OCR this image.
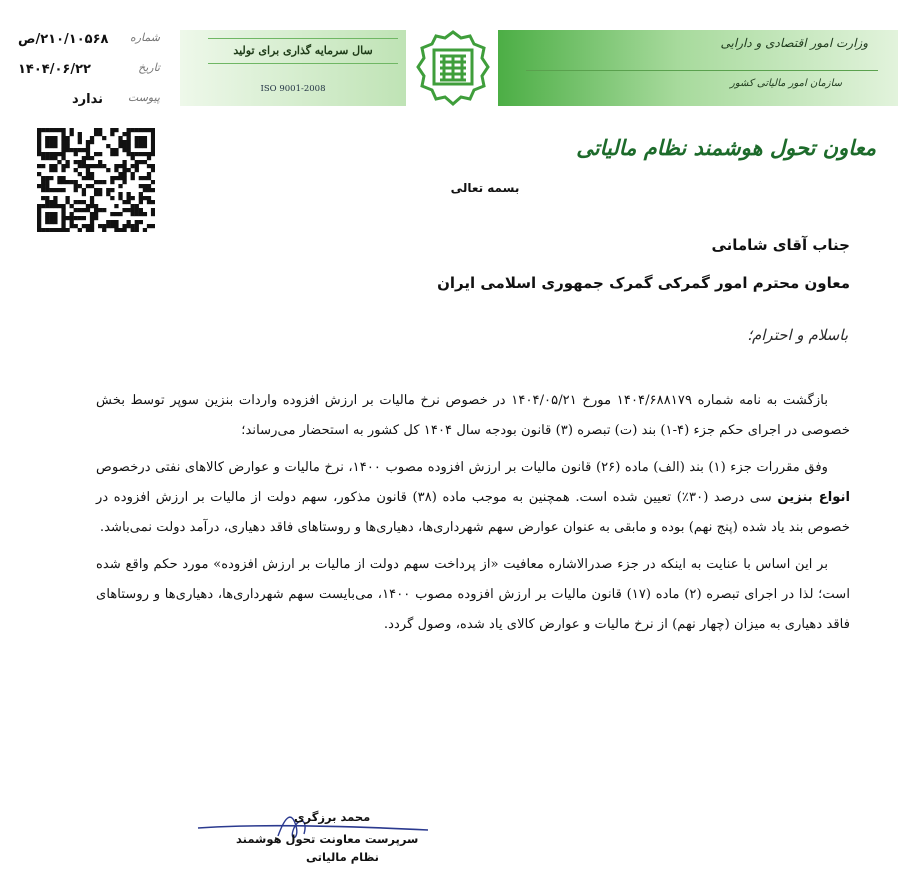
سال سرمایه گذاری برای تولید
ISO 9001-2008
وزارت امور اقتصادی و دارایی
سازمان امور مالیاتی کشور
۲۱۰/۱۰۵۶۸/ص شماره
۱۴۰۴/۰۶/۲۲	تاریخ
ندارد پیوست
معاون تحول هوشمند نظام مالیاتی
بسمه تعالی
جناب آقای شامانی
معاون محترم امور گمرکی گمرک جمهوری اسلامی ایران
باسلام و احترام؛

بازگشت به نامه شماره ۱۴۰۴/۶۸۸۱۷۹ مورخ ۱۴۰۴/۰۵/۲۱ در خصوص نرخ مالیات بر ارزش افزوده واردات بنزین سوپر توسط بخش خصوصی در اجرای حکم جزء (۴-۱) بند (ت) تبصره (۳) قانون بودجه سال ۱۴۰۴ کل کشور به استحضار می‌رساند؛

وفق مقررات جزء (۱) بند (الف) ماده (۲۶) قانون مالیات بر ارزش افزوده مصوب ۱۴۰۰، نرخ مالیات و عوارض کالاهای نفتی درخصوص انواع بنزین سی درصد (۳۰٪) تعیین شده است. همچنین به موجب ماده (۳۸) قانون مذکور، سهم دولت از مالیات بر ارزش افزوده در خصوص بند یاد شده (پنج نهم) بوده و مابقی به عنوان عوارض سهم شهرداری‌ها، دهیاری‌ها و روستاهای فاقد دهیاری، درآمد دولت نمی‌باشد.

بر این اساس با عنایت به اینکه در جزء صدرالاشاره معافیت «از پرداخت سهم دولت از مالیات بر ارزش افزوده» مورد حکم واقع شده است؛ لذا در اجرای تبصره (۲) ماده (۱۷) قانون مالیات بر ارزش افزوده مصوب ۱۴۰۰، می‌بایست سهم شهرداری‌ها، دهیاری‌ها و روستاهای فاقد دهیاری به میزان (چهار نهم) از نرخ مالیات و عوارض کالای یاد شده، وصول گردد.

محمد برزگری
سرپرست معاونت تحول هوشمند
نظام مالیاتی
